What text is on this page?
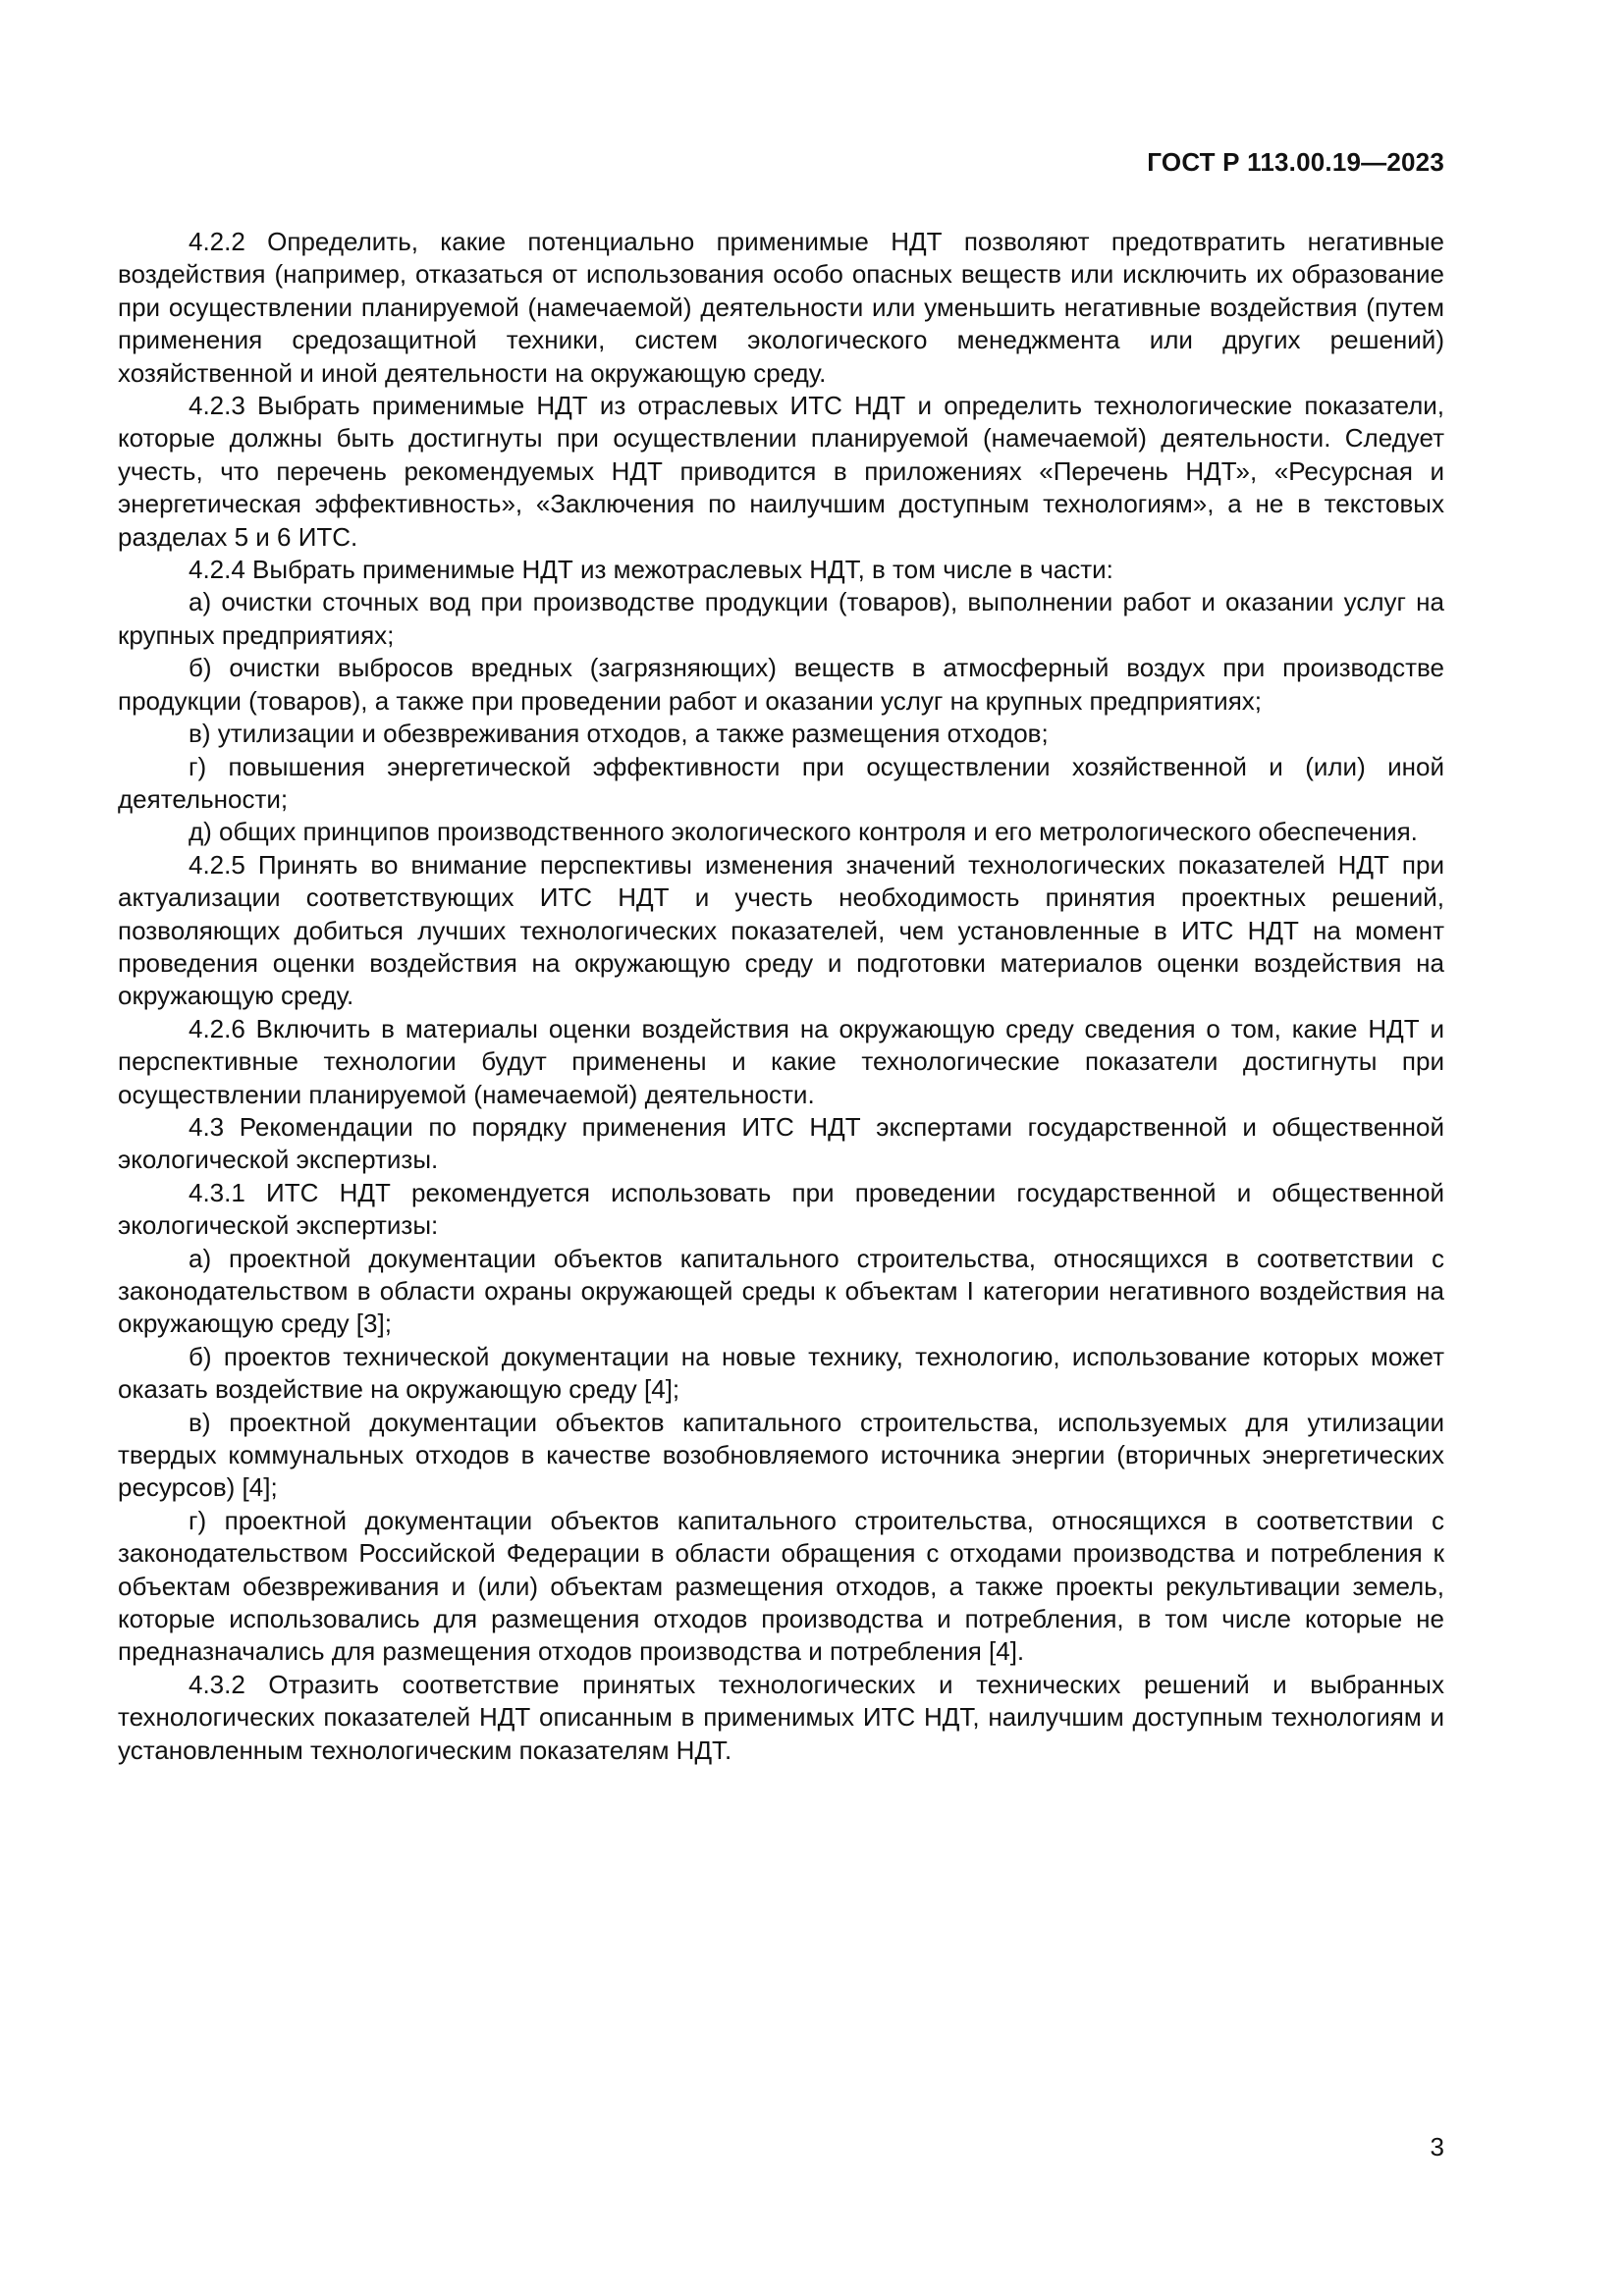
ГОСТ Р 113.00.19—2023

4.2.2 Определить, какие потенциально применимые НДТ позволяют предотвратить негативные воздействия (например, отказаться от использования особо опасных веществ или исключить их образование при осуществлении планируемой (намечаемой) деятельности или уменьшить негативные воздействия (путем применения средозащитной техники, систем экологического менеджмента или других решений) хозяйственной и иной деятельности на окружающую среду.

4.2.3 Выбрать применимые НДТ из отраслевых ИТС НДТ и определить технологические показатели, которые должны быть достигнуты при осуществлении планируемой (намечаемой) деятельности. Следует учесть, что перечень рекомендуемых НДТ приводится в приложениях «Перечень НДТ», «Ресурсная и энергетическая эффективность», «Заключения по наилучшим доступным технологиям», а не в текстовых разделах 5 и 6 ИТС.

4.2.4 Выбрать применимые НДТ из межотраслевых НДТ, в том числе в части:

а) очистки сточных вод при производстве продукции (товаров), выполнении работ и оказании услуг на крупных предприятиях;

б) очистки выбросов вредных (загрязняющих) веществ в атмосферный воздух при производстве продукции (товаров), а также при проведении работ и оказании услуг на крупных предприятиях;

в) утилизации и обезвреживания отходов, а также размещения отходов;

г) повышения энергетической эффективности при осуществлении хозяйственной и (или) иной деятельности;

д) общих принципов производственного экологического контроля и его метрологического обеспечения.

4.2.5 Принять во внимание перспективы изменения значений технологических показателей НДТ при актуализации соответствующих ИТС НДТ и учесть необходимость принятия проектных решений, позволяющих добиться лучших технологических показателей, чем установленные в ИТС НДТ на момент проведения оценки воздействия на окружающую среду и подготовки материалов оценки воздействия на окружающую среду.

4.2.6 Включить в материалы оценки воздействия на окружающую среду сведения о том, какие НДТ и перспективные технологии будут применены и какие технологические показатели достигнуты при осуществлении планируемой (намечаемой) деятельности.

4.3 Рекомендации по порядку применения ИТС НДТ экспертами государственной и общественной экологической экспертизы.

4.3.1 ИТС НДТ рекомендуется использовать при проведении государственной и общественной экологической экспертизы:

а) проектной документации объектов капитального строительства, относящихся в соответствии с законодательством в области охраны окружающей среды к объектам I категории негативного воздействия на окружающую среду [3];

б) проектов технической документации на новые технику, технологию, использование которых может оказать воздействие на окружающую среду [4];

в) проектной документации объектов капитального строительства, используемых для утилизации твердых коммунальных отходов в качестве возобновляемого источника энергии (вторичных энергетических ресурсов) [4];

г) проектной документации объектов капитального строительства, относящихся в соответствии с законодательством Российской Федерации в области обращения с отходами производства и потребления к объектам обезвреживания и (или) объектам размещения отходов, а также проекты рекультивации земель, которые использовались для размещения отходов производства и потребления, в том числе которые не предназначались для размещения отходов производства и потребления [4].

4.3.2 Отразить соответствие принятых технологических и технических решений и выбранных технологических показателей НДТ описанным в применимых ИТС НДТ, наилучшим доступным технологиям и установленным технологическим показателям НДТ.

3
